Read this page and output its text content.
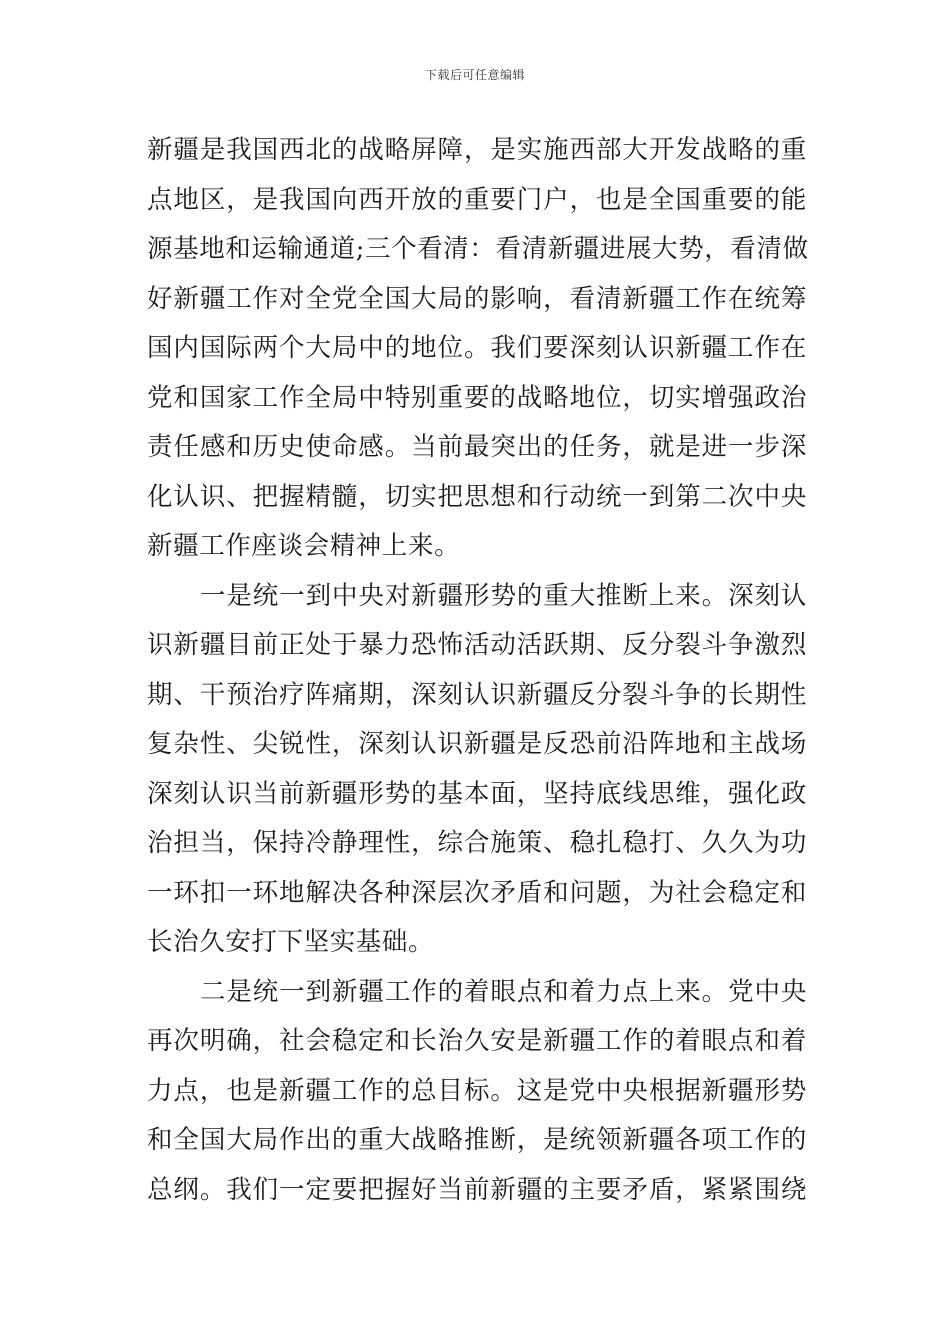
下载后可任意编辑
新疆是我国西北的战略屏障，是实施西部大开发战略的重
点地区，是我国向西开放的重要门户，也是全国重要的能
源基地和运输通道;三个看清：看清新疆进展大势，看清做
好新疆工作对全党全国大局的影响，看清新疆工作在统筹
国内国际两个大局中的地位。我们要深刻认识新疆工作在
党和国家工作全局中特别重要的战略地位，切实增强政治
责任感和历史使命感。当前最突出的任务，就是进一步深
化认识、把握精髓，切实把思想和行动统一到第二次中央
新疆工作座谈会精神上来。
一是统一到中央对新疆形势的重大推断上来。深刻认
识新疆目前正处于暴力恐怖活动活跃期、反分裂斗争激烈
期、干预治疗阵痛期，深刻认识新疆反分裂斗争的长期性
复杂性、尖锐性，深刻认识新疆是反恐前沿阵地和主战场
深刻认识当前新疆形势的基本面，坚持底线思维，强化政
治担当，保持冷静理性，综合施策、稳扎稳打、久久为功
一环扣一环地解决各种深层次矛盾和问题，为社会稳定和
长治久安打下坚实基础。
二是统一到新疆工作的着眼点和着力点上来。党中央
再次明确，社会稳定和长治久安是新疆工作的着眼点和着
力点，也是新疆工作的总目标。这是党中央根据新疆形势
和全国大局作出的重大战略推断，是统领新疆各项工作的
总纲。我们一定要把握好当前新疆的主要矛盾，紧紧围绕
